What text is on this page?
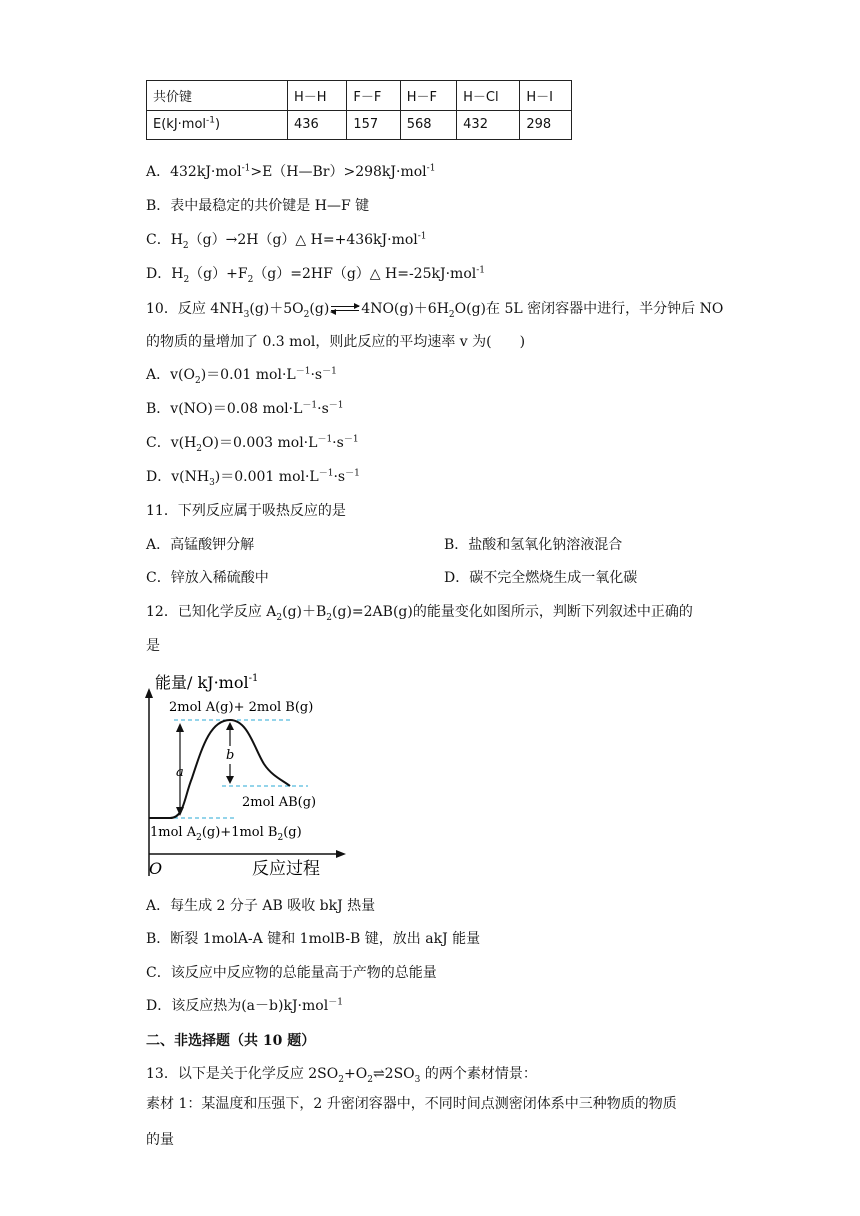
共价键	H－H	F－F	H－F	H－Cl	H－I
E(kJ·mol$^{-1}$)	436	157	568	432	298
A．432kJ·mol$^{-1}$>E（H—Br）>298kJ·mol$^{-1}$
B．表中最稳定的共价键是 H—F 键
C．$H_2(g)\to 2H(g)\triangle$ H=+436kJ·mol$^{-1}$
D．$H_2(g)+F_2(g)=2HF(g)\triangle$ H=-25kJ·mol$^{-1}$
10．反应 $4NH_3(g)+5O_2(g)$ $4NO(g)+6H_2O(g)$在 5L 密闭容器中进行，半分钟后 NO
的物质的量增加了 0.3 mol，则此反应的平均速率 v 为(　　)
A．$v(O_2)=0.01$ $mol\cdot L^{-1}\cdot s^{-1}$
B．v(NO)＝0.08 $mol\cdot L^{-1}\cdot s^{-1}$
C．$v(H_2O)=0.003$ $mol\cdot L^{-1}\cdot s^{-1}$
D．$v(NH_3)=0.001$ $mol\cdot L^{-1}\cdot s^{-1}$
11．下列反应属于吸热反应的是
A．高锰酸钾分解	B．盐酸和氢氧化钠溶液混合
C．锌放入稀硫酸中	D．碳不完全燃烧生成一氧化碳
12．已知化学反应 $A_2(g)+B_2(g)=2AB(g)$的能量变化如图所示，判断下列叙述中正确的
是
能量/ kJ·mol$^{-1}$
a
b
2mol A(g)+ 2mol B(g)
2mol AB(g)
1mol $A_2(g)+1mol$ $B_2(g)$
O	反应过程
A．每生成 2 分子 AB 吸收 bkJ 热量
B．断裂 1molA-A 键和 1molB-B 键，放出 akJ 能量
C．该反应中反应物的总能量高于产物的总能量
D．该反应热为(a－b)kJ·mol$^{-1}$
二、非选择题（共 10 题）
13．以下是关于化学反应 $2SO_2+O_2\rightleftharpoons 2SO_3$ 的两个素材情景：
素材 1：某温度和压强下，2 升密闭容器中，不同时间点测密闭体系中三种物质的物质
的量
